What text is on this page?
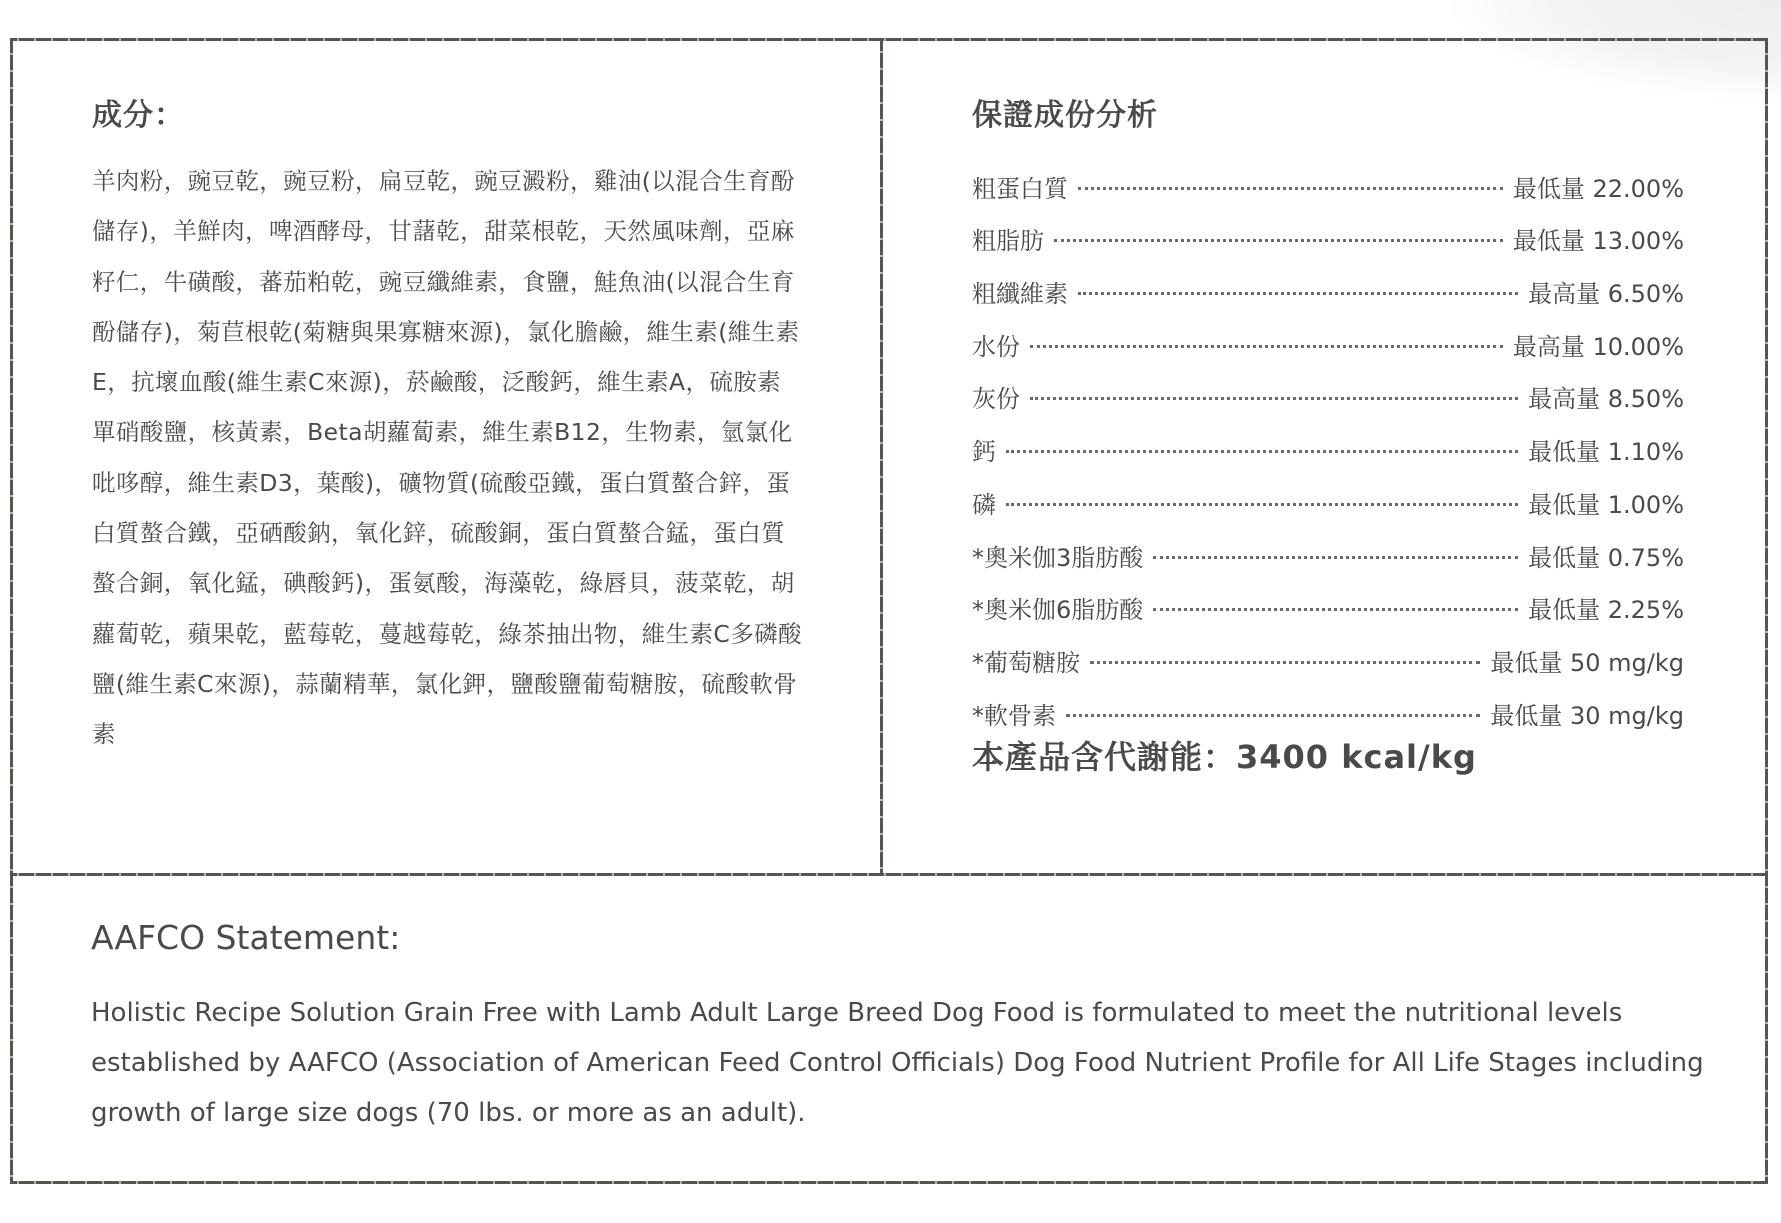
成分：

羊肉粉，豌豆乾，豌豆粉，扁豆乾，豌豆澱粉，雞油(以混合生育酚儲存)，羊鮮肉，啤酒酵母，甘藷乾，甜菜根乾，天然風味劑，亞麻籽仁，牛磺酸，蕃茄粕乾，豌豆纖維素，食鹽，鮭魚油(以混合生育酚儲存)，菊苣根乾(菊糖與果寡糖來源)，氯化膽鹼，維生素(維生素E，抗壞血酸(維生素C來源)，菸鹼酸，泛酸鈣，維生素A，硫胺素單硝酸鹽，核黃素，Beta胡蘿蔔素，維生素B12，生物素，氫氯化吡哆醇，維生素D3，葉酸)，礦物質(硫酸亞鐵，蛋白質螯合鋅，蛋白質螯合鐵，亞硒酸鈉，氧化鋅，硫酸銅，蛋白質螯合錳，蛋白質螯合銅，氧化錳，碘酸鈣)，蛋氨酸，海藻乾，綠唇貝，菠菜乾，胡蘿蔔乾，蘋果乾，藍莓乾，蔓越莓乾，綠茶抽出物，維生素C多磷酸鹽(維生素C來源)，蒜蘭精華，氯化鉀，鹽酸鹽葡萄糖胺，硫酸軟骨素

保證成份分析
粗蛋白質	最低量 22.00%
粗脂肪	最低量 13.00%
粗纖維素	最高量 6.50%
水份	最高量 10.00%
灰份	最高量 8.50%
鈣	最低量 1.10%
磷	最低量 1.00%
*奧米伽3脂肪酸	最低量 0.75%
*奧米伽6脂肪酸	最低量 2.25%
*葡萄糖胺	最低量 50 mg/kg
*軟骨素	最低量 30 mg/kg
本產品含代謝能：3400 kcal/kg
AAFCO Statement:

Holistic Recipe Solution Grain Free with Lamb Adult Large Breed Dog Food is formulated to meet the nutritional levels established by AAFCO (Association of American Feed Control Officials) Dog Food Nutrient Profile for All Life Stages including growth of large size dogs (70 lbs. or more as an adult).
